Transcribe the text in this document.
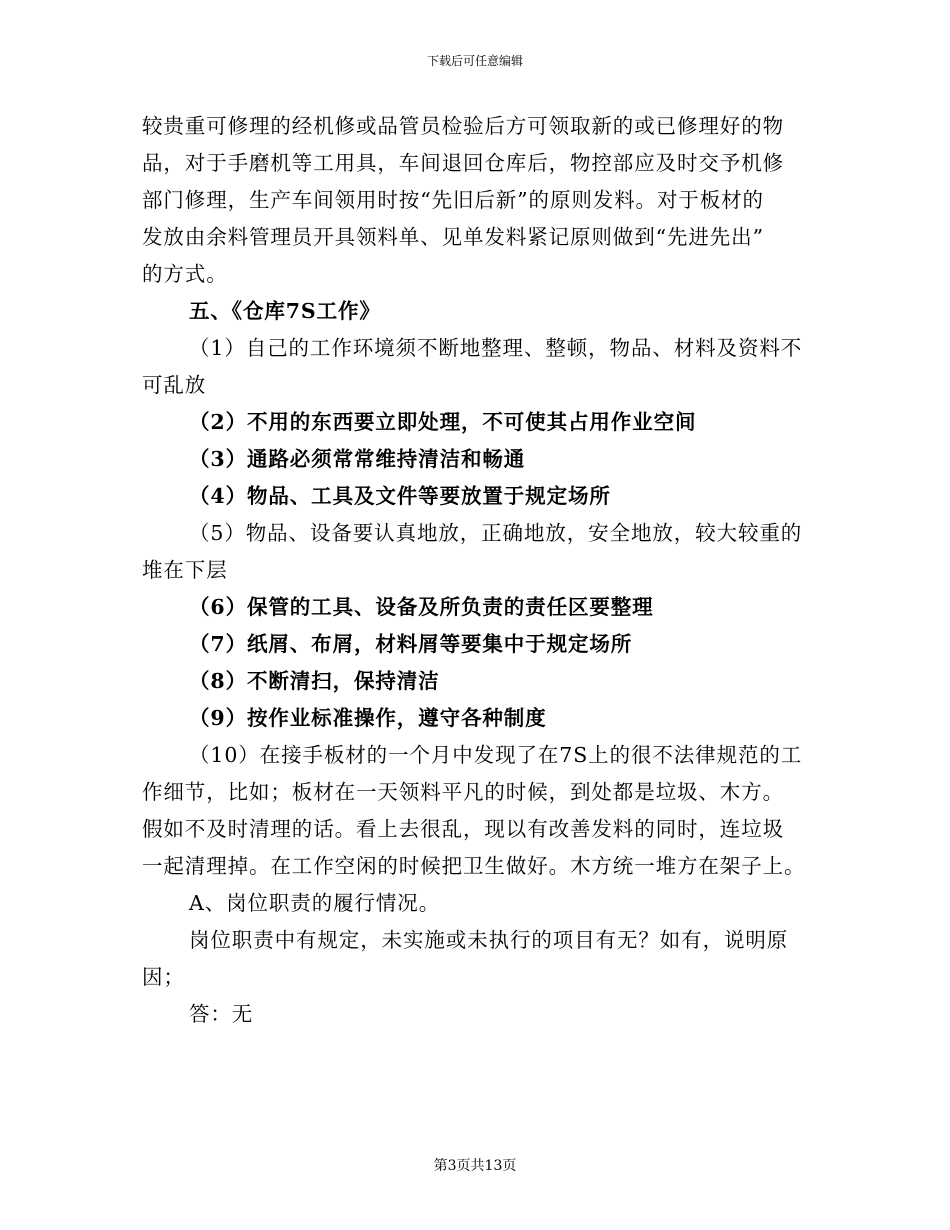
下载后可任意编辑

较贵重可修理的经机修或品管员检验后方可领取新的或已修理好的物

品，对于手磨机等工用具，车间退回仓库后，物控部应及时交予机修

部门修理，生产车间领用时按“先旧后新”的原则发料。对于板材的

发放由余料管理员开具领料单、见单发料紧记原则做到“先进先出”

的方式。

五、《仓库7S工作》

（1）自己的工作环境须不断地整理、整顿，物品、材料及资料不

可乱放

（2）不用的东西要立即处理，不可使其占用作业空间

（3）通路必须常常维持清洁和畅通

（4）物品、工具及文件等要放置于规定场所

（5）物品、设备要认真地放，正确地放，安全地放，较大较重的

堆在下层

（6）保管的工具、设备及所负责的责任区要整理

（7）纸屑、布屑，材料屑等要集中于规定场所

（8）不断清扫，保持清洁

（9）按作业标准操作，遵守各种制度

（10）在接手板材的一个月中发现了在7S上的很不法律规范的工

作细节，比如；板材在一天领料平凡的时候，到处都是垃圾、木方。

假如不及时清理的话。看上去很乱，现以有改善发料的同时，连垃圾

一起清理掉。在工作空闲的时候把卫生做好。木方统一堆方在架子上。

A、岗位职责的履行情况。

岗位职责中有规定，未实施或未执行的项目有无？如有，说明原

因；

答：无

第3页共13页
